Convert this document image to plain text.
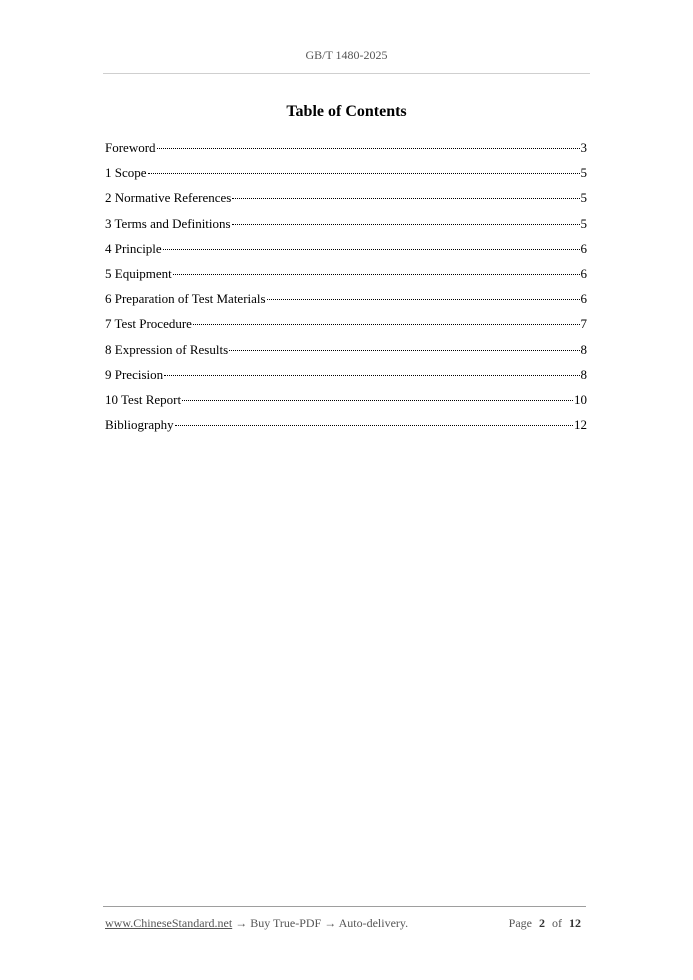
GB/T 1480-2025
Table of Contents
Foreword	3
1 Scope	5
2 Normative References	5
3 Terms and Definitions	5
4 Principle	6
5 Equipment	6
6 Preparation of Test Materials	6
7 Test Procedure	7
8 Expression of Results	8
9 Precision	8
10 Test Report	10
Bibliography	12
www.ChineseStandard.net → Buy True-PDF → Auto-delivery.	Page 2 of 12
